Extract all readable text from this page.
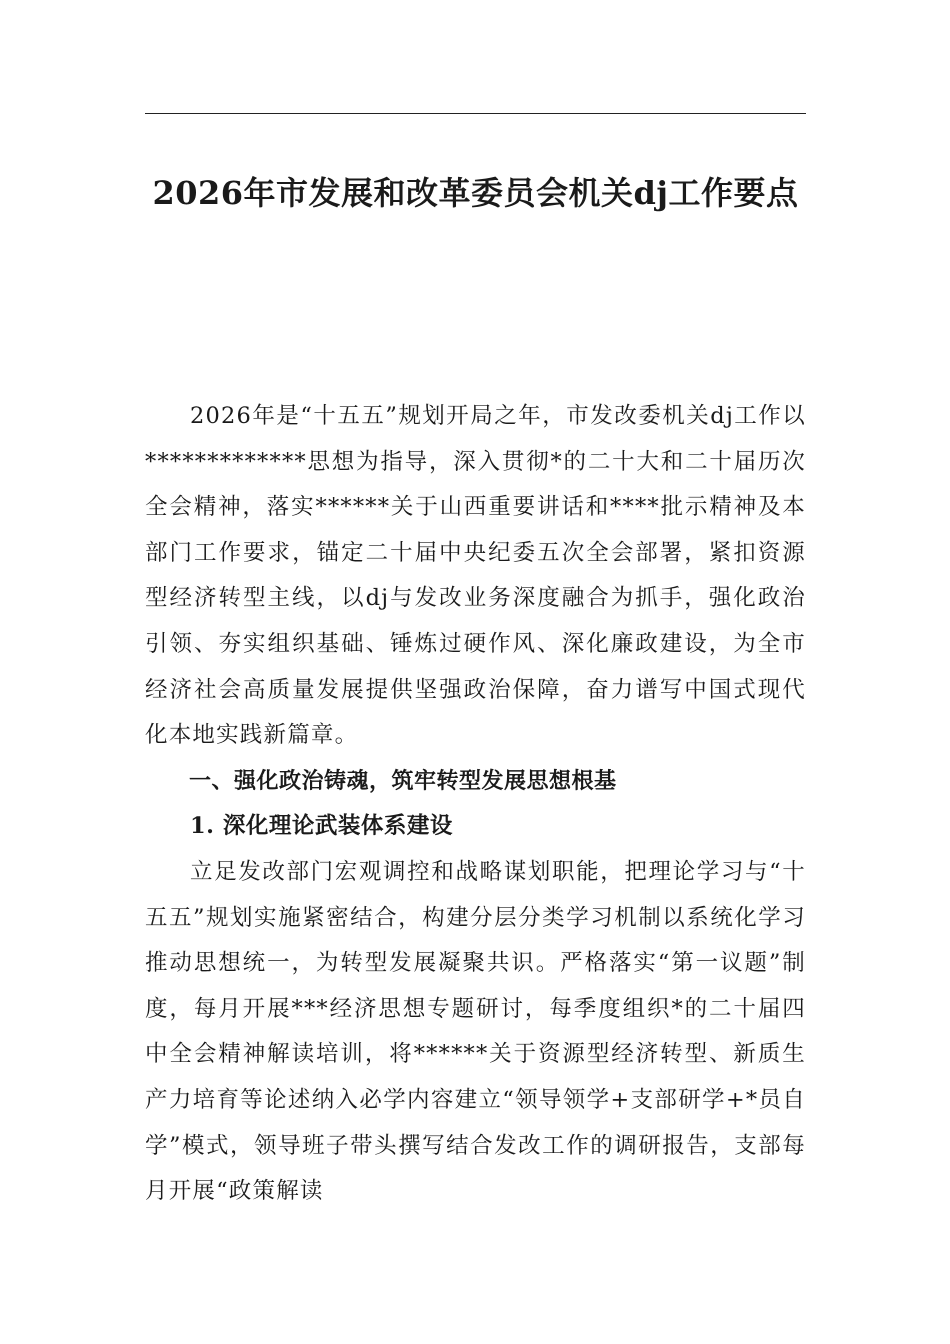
2026年市发展和改革委员会机关dj工作要点

2026年是“十五五”规划开局之年，市发改委机关dj工作以*************思想为指导，深入贯彻*的二十大和二十届历次全会精神，落实******关于山西重要讲话和****批示精神及本部门工作要求，锚定二十届中央纪委五次全会部署，紧扣资源型经济转型主线，以dj与发改业务深度融合为抓手，强化政治引领、夯实组织基础、锤炼过硬作风、深化廉政建设，为全市经济社会高质量发展提供坚强政治保障，奋力谱写中国式现代化本地实践新篇章。

一、强化政治铸魂，筑牢转型发展思想根基

1. 深化理论武装体系建设

立足发改部门宏观调控和战略谋划职能，把理论学习与“十五五”规划实施紧密结合，构建分层分类学习机制以系统化学习推动思想统一，为转型发展凝聚共识。严格落实“第一议题”制度，每月开展***经济思想专题研讨，每季度组织*的二十届四中全会精神解读培训，将******关于资源型经济转型、新质生产力培育等论述纳入必学内容建立“领导领学+支部研学+*员自学”模式，领导班子带头撰写结合发改工作的调研报告，支部每月开展“政策解读
